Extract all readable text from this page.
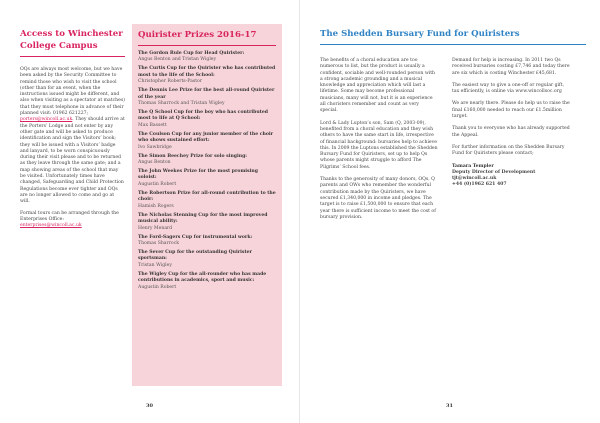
Access to Winchester College Campus

OQs are always most welcome, but we have been asked by the Security Committee to remind those who wish to visit the school (other than for an event, when the instructions issued might be different, and also when visiting as a spectator at matches) that they must telephone in advance of their planned visit: 01962 621227; porters@wincoll.ac.uk. They should arrive at the Porters’ Lodge and not enter by any other gate and will be asked to produce identification and sign the Visitors’ book; they will be issued with a Visitors’ badge and lanyard, to be worn conspicuously during their visit please and to be returned as they leave through the same gate; and a map showing areas of the school that may be visited. Unfortunately times have changed, Safeguarding and Child Protection Regulations become ever tighter and OQs are no longer allowed to come and go at will.

Formal tours can be arranged through the Enterprises Office: enterprises@wincoll.ac.uk

Quirister Prizes 2016-17
The Gordon Rule Cup for Head Quirister:
Angus Benton and Tristan Wigley
The Curtis Cup for the Quirister who has contributed most to the life of the School:
Christopher Roberts-Pastor
The Dennis Lee Prize for the best all-round Quirister of the year
Thomas Sharrock and Tristan Wigley
The Q School Cup for the boy who has contributed most to life at Q School:
Max Bassett
The Coulson Cup for any junior member of the choir who shows sustained effort:
Ivo Sawbridge
The Simon Beechey Prize for solo singing:
Angus Benton
The John Weekes Prize for the most promising soloist:
Augustin Robert
The Robertson Prize for all-round contribution to the choir:
Hamish Rogers
The Nicholas Stenning Cup for the most improved musical ability:
Henry Menard
The Ford-Sagers Cup for instrumental work:
Thomas Sharrock
The Sever Cup for the outstanding Quirister sportsman:
Tristan Wigley
The Wigley Cup for the all-rounder who has made contributions in academics, sport and music:
Augustin Robert
30
The Shedden Bursary Fund for Quiristers

The benefits of a choral education are too numerous to list, but the product is usually a confident, sociable and well-rounded person with a strong academic grounding and a musical knowledge and appreciation which will last a lifetime. Some may become professional musicians, many will not, but it is an experience all choristers remember and count as very special.

Lord & Lady Lupton’s son, Sam (Q, 2003-09), benefited from a choral education and they wish others to have the same start in life, irrespective of financial background: bursaries help to achieve this. In 2009 the Luptons established the Shedden Bursary Fund for Quiristers, set up to help Qs whose parents might struggle to afford The Pilgrims’ School fees.

Thanks to the generosity of many donors, OQs, Q parents and OWs who remember the wonderful contribution made by the Quiristers, we have secured £1,340,000 in income and pledges. The target is to raise £1,500,000 to ensure that each year there is sufficient income to meet the cost of bursary provision.

Demand for help is increasing. In 2011 two Qs received bursaries costing £7,746 and today there are six which is costing Winchester £45,681.

The easiest way to give a one-off or regular gift, tax efficiently, is online via www.wincollsoc.org

We are nearly there. Please do help us to raise the final £160,000 needed to reach our £1.5million target.

Thank you to everyone who has already supported the Appeal.

For further information on the Shedden Bursary Fund for Quiristers please contact;

Tamara Templer
Deputy Director of Development
tjt@wincoll.ac.uk
+44 (0)1962 621 407

31
